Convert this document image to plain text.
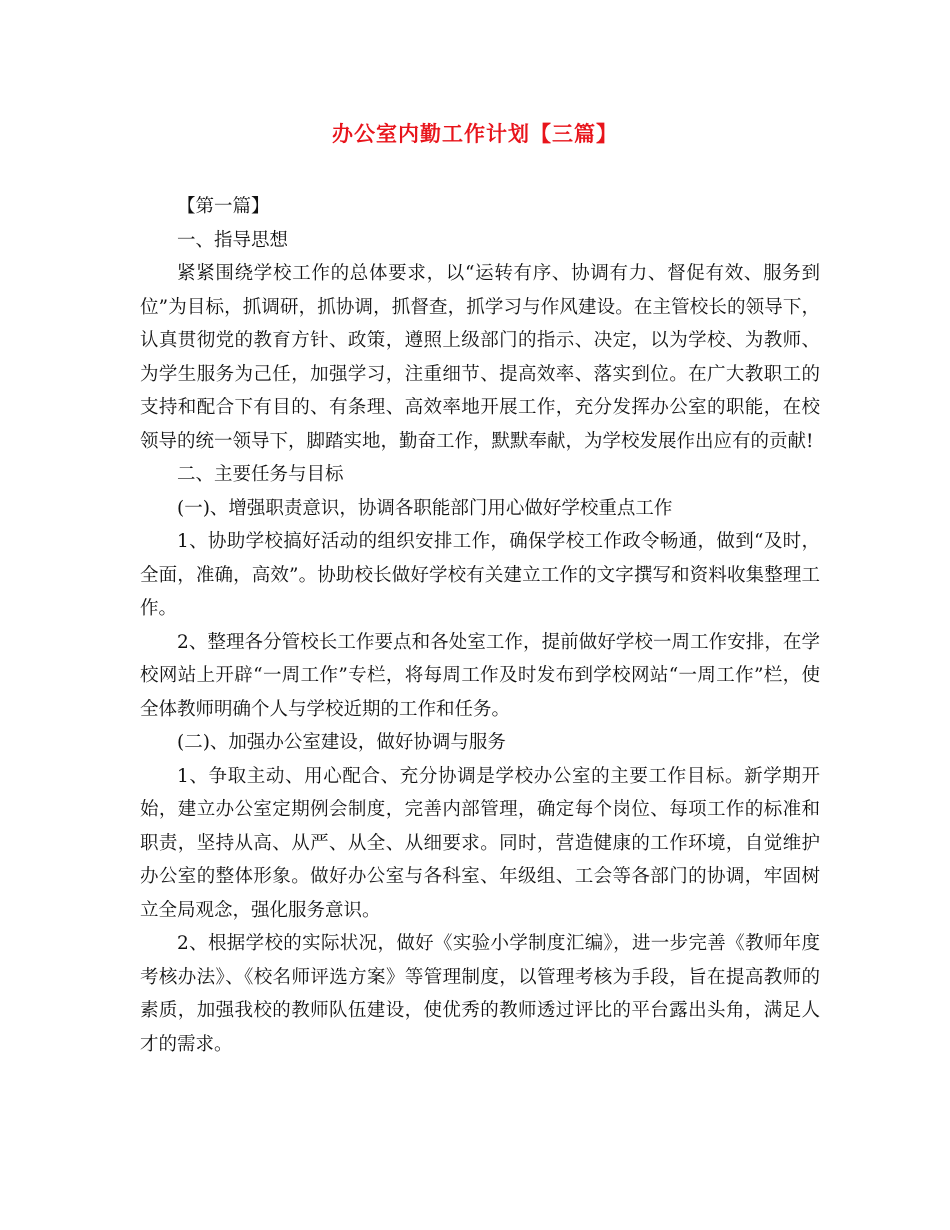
办公室内勤工作计划【三篇】

【第一篇】

一、指导思想

紧紧围绕学校工作的总体要求，以“运转有序、协调有力、督促有效、服务到位”为目标，抓调研，抓协调，抓督查，抓学习与作风建设。在主管校长的领导下，认真贯彻党的教育方针、政策，遵照上级部门的指示、决定，以为学校、为教师、为学生服务为己任，加强学习，注重细节、提高效率、落实到位。在广大教职工的支持和配合下有目的、有条理、高效率地开展工作，充分发挥办公室的职能，在校领导的统一领导下，脚踏实地，勤奋工作，默默奉献，为学校发展作出应有的贡献!

二、主要任务与目标

(一)、增强职责意识，协调各职能部门用心做好学校重点工作

1、协助学校搞好活动的组织安排工作，确保学校工作政令畅通，做到“及时，全面，准确，高效”。协助校长做好学校有关建立工作的文字撰写和资料收集整理工作。

2、整理各分管校长工作要点和各处室工作，提前做好学校一周工作安排，在学校网站上开辟“一周工作”专栏，将每周工作及时发布到学校网站“一周工作”栏，使全体教师明确个人与学校近期的工作和任务。

(二)、加强办公室建设，做好协调与服务

1、争取主动、用心配合、充分协调是学校办公室的主要工作目标。新学期开始，建立办公室定期例会制度，完善内部管理，确定每个岗位、每项工作的标准和职责，坚持从高、从严、从全、从细要求。同时，营造健康的工作环境，自觉维护办公室的整体形象。做好办公室与各科室、年级组、工会等各部门的协调，牢固树立全局观念，强化服务意识。

2、根据学校的实际状况，做好《实验小学制度汇编》，进一步完善《教师年度考核办法》、《校名师评选方案》等管理制度，以管理考核为手段，旨在提高教师的素质，加强我校的教师队伍建设，使优秀的教师透过评比的平台露出头角，满足人才的需求。
